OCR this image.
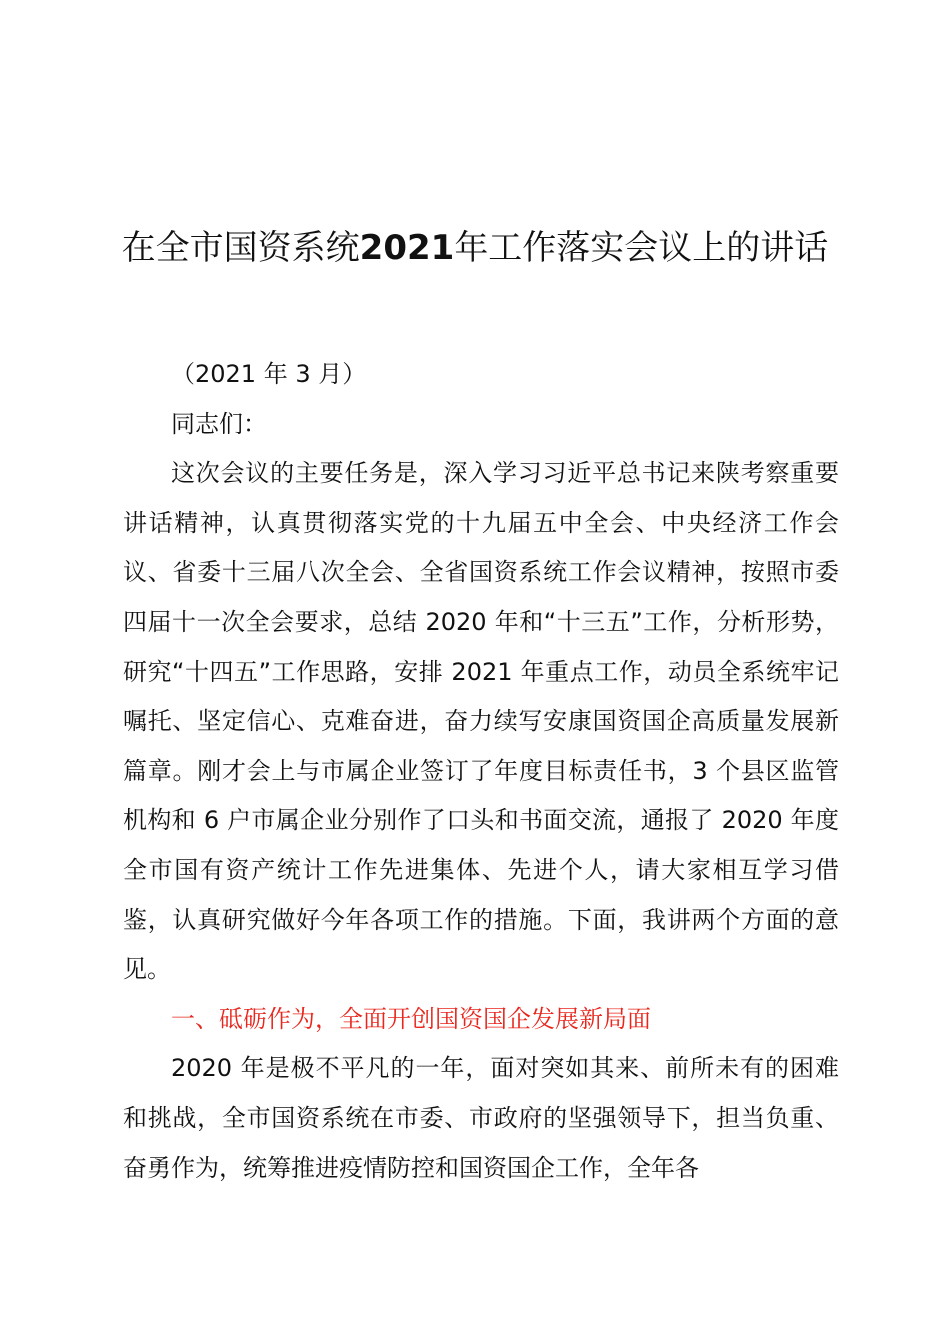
在全市国资系统2021年工作落实会议上的讲话

（2021 年 3 月）

同志们：

这次会议的主要任务是，深入学习习近平总书记来陕考察重要讲话精神，认真贯彻落实党的十九届五中全会、中央经济工作会议、省委十三届八次全会、全省国资系统工作会议精神，按照市委四届十一次全会要求，总结 2020 年和“十三五”工作，分析形势，研究“十四五”工作思路，安排 2021 年重点工作，动员全系统牢记嘱托、坚定信心、克难奋进，奋力续写安康国资国企高质量发展新篇章。刚才会上与市属企业签订了年度目标责任书，3 个县区监管机构和 6 户市属企业分别作了口头和书面交流，通报了 2020 年度全市国有资产统计工作先进集体、先进个人，请大家相互学习借鉴，认真研究做好今年各项工作的措施。下面，我讲两个方面的意见。

一、砥砺作为，全面开创国资国企发展新局面

2020 年是极不平凡的一年，面对突如其来、前所未有的困难和挑战，全市国资系统在市委、市政府的坚强领导下，担当负重、奋勇作为，统筹推进疫情防控和国资国企工作，全年各
